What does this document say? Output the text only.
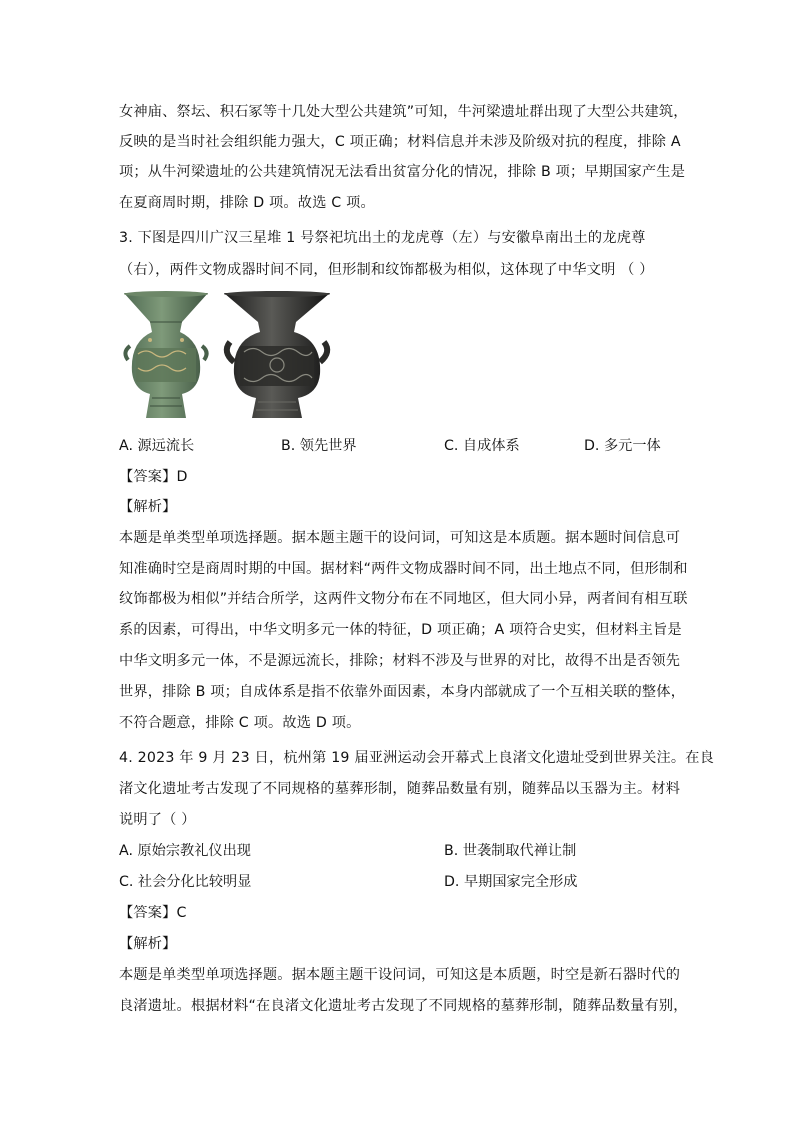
女神庙、祭坛、积石冢等十几处大型公共建筑”可知，牛河梁遗址群出现了大型公共建筑，
反映的是当时社会组织能力强大，C 项正确；材料信息并未涉及阶级对抗的程度，排除 A
项；从牛河梁遗址的公共建筑情况无法看出贫富分化的情况，排除 B 项；早期国家产生是
在夏商周时期，排除 D 项。故选 C 项。
3. 下图是四川广汉三星堆 1 号祭祀坑出土的龙虎尊（左）与安徽阜南出土的龙虎尊
（右），两件文物成器时间不同，但形制和纹饰都极为相似，这体现了中华文明 （ ）
A. 源远流长	B. 领先世界	C. 自成体系	D. 多元一体
【答案】D
【解析】
本题是单类型单项选择题。据本题主题干的设问词，可知这是本质题。据本题时间信息可
知准确时空是商周时期的中国。据材料“两件文物成器时间不同，出土地点不同，但形制和
纹饰都极为相似”并结合所学，这两件文物分布在不同地区，但大同小异，两者间有相互联
系的因素，可得出，中华文明多元一体的特征，D 项正确；A 项符合史实，但材料主旨是
中华文明多元一体，不是源远流长，排除；材料不涉及与世界的对比，故得不出是否领先
世界，排除 B 项；自成体系是指不依靠外面因素，本身内部就成了一个互相关联的整体，
不符合题意，排除 C 项。故选 D 项。
4. 2023 年 9 月 23 日，杭州第 19 届亚洲运动会开幕式上良渚文化遗址受到世界关注。在良
渚文化遗址考古发现了不同规格的墓葬形制，随葬品数量有别，随葬品以玉器为主。材料
说明了（ ）
A. 原始宗教礼仪出现	B. 世袭制取代禅让制
C. 社会分化比较明显	D. 早期国家完全形成
【答案】C
【解析】
本题是单类型单项选择题。据本题主题干设问词，可知这是本质题，时空是新石器时代的
良渚遗址。根据材料“在良渚文化遗址考古发现了不同规格的墓葬形制，随葬品数量有别，
